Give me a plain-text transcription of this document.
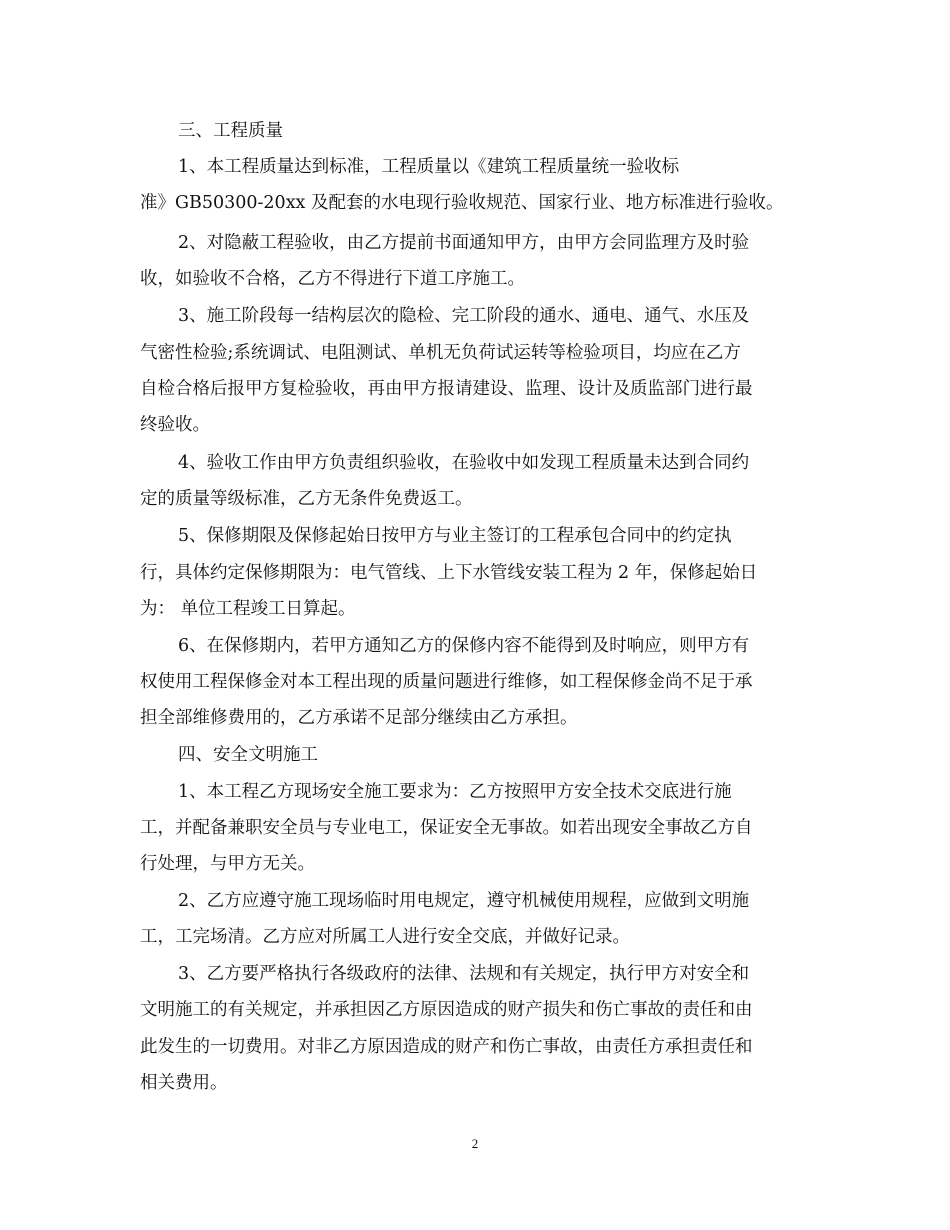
三、工程质量
1、本工程质量达到标准，工程质量以《建筑工程质量统一验收标
准》GB50300-20xx 及配套的水电现行验收规范、国家行业、地方标准进行验收。
2、对隐蔽工程验收，由乙方提前书面通知甲方，由甲方会同监理方及时验
收，如验收不合格，乙方不得进行下道工序施工。
3、施工阶段每一结构层次的隐检、完工阶段的通水、通电、通气、水压及
气密性检验;系统调试、电阻测试、单机无负荷试运转等检验项目，均应在乙方
自检合格后报甲方复检验收，再由甲方报请建设、监理、设计及质监部门进行最
终验收。
4、验收工作由甲方负责组织验收，在验收中如发现工程质量未达到合同约
定的质量等级标准，乙方无条件免费返工。
5、保修期限及保修起始日按甲方与业主签订的工程承包合同中的约定执
行，具体约定保修期限为：电气管线、上下水管线安装工程为 2 年，保修起始日
为： 单位工程竣工日算起。
6、在保修期内，若甲方通知乙方的保修内容不能得到及时响应，则甲方有
权使用工程保修金对本工程出现的质量问题进行维修，如工程保修金尚不足于承
担全部维修费用的，乙方承诺不足部分继续由乙方承担。
四、安全文明施工
1、本工程乙方现场安全施工要求为：乙方按照甲方安全技术交底进行施
工，并配备兼职安全员与专业电工，保证安全无事故。如若出现安全事故乙方自
行处理，与甲方无关。
2、乙方应遵守施工现场临时用电规定，遵守机械使用规程，应做到文明施
工，工完场清。乙方应对所属工人进行安全交底，并做好记录。
3、乙方要严格执行各级政府的法律、法规和有关规定，执行甲方对安全和
文明施工的有关规定，并承担因乙方原因造成的财产损失和伤亡事故的责任和由
此发生的一切费用。对非乙方原因造成的财产和伤亡事故，由责任方承担责任和
相关费用。
2
